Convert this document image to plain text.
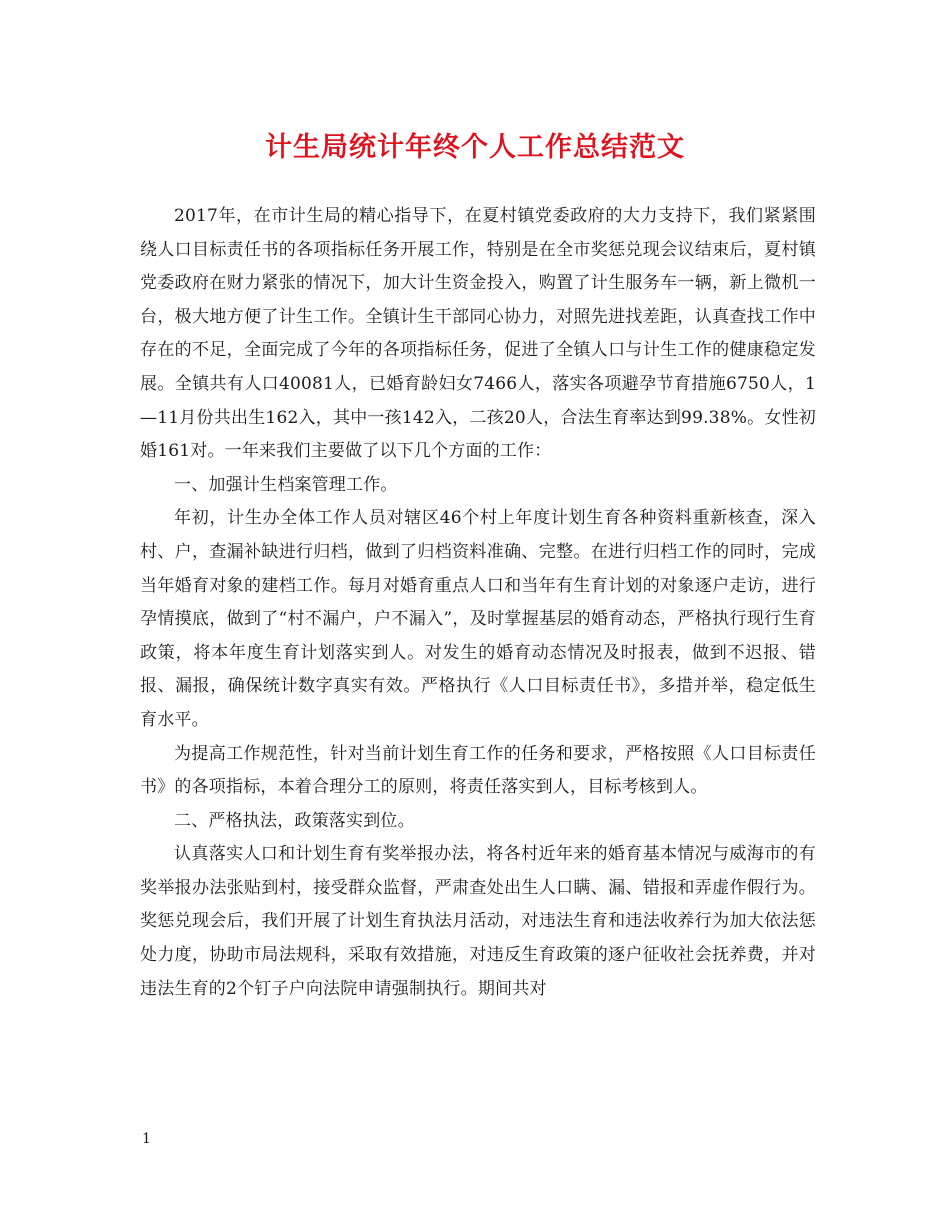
计生局统计年终个人工作总结范文

2017年，在市计生局的精心指导下，在夏村镇党委政府的大力支持下，我们紧紧围绕人口目标责任书的各项指标任务开展工作，特别是在全市奖惩兑现会议结束后，夏村镇党委政府在财力紧张的情况下，加大计生资金投入，购置了计生服务车一辆，新上微机一台，极大地方便了计生工作。全镇计生干部同心协力，对照先进找差距，认真查找工作中存在的不足，全面完成了今年的各项指标任务，促进了全镇人口与计生工作的健康稳定发展。全镇共有人口40081人，已婚育龄妇女7466人，落实各项避孕节育措施6750人，1—11月份共出生162入，其中一孩142入，二孩20人，合法生育率达到99.38%。女性初婚161对。一年来我们主要做了以下几个方面的工作：

一、加强计生档案管理工作。

年初，计生办全体工作人员对辖区46个村上年度计划生育各种资料重新核查，深入村、户，查漏补缺进行归档，做到了归档资料准确、完整。在进行归档工作的同时，完成当年婚育对象的建档工作。每月对婚育重点人口和当年有生育计划的对象逐户走访，进行孕情摸底，做到了“村不漏户，户不漏入”，及时掌握基层的婚育动态，严格执行现行生育政策，将本年度生育计划落实到人。对发生的婚育动态情况及时报表，做到不迟报、错报、漏报，确保统计数字真实有效。严格执行《人口目标责任书》，多措并举，稳定低生育水平。

为提高工作规范性，针对当前计划生育工作的任务和要求，严格按照《人口目标责任书》的各项指标，本着合理分工的原则，将责任落实到人，目标考核到人。

二、严格执法，政策落实到位。

认真落实人口和计划生育有奖举报办法，将各村近年来的婚育基本情况与威海市的有奖举报办法张贴到村，接受群众监督，严肃查处出生人口瞒、漏、错报和弄虚作假行为。奖惩兑现会后，我们开展了计划生育执法月活动，对违法生育和违法收养行为加大依法惩处力度，协助市局法规科，采取有效措施，对违反生育政策的逐户征收社会抚养费，并对违法生育的2个钉子户向法院申请强制执行。期间共对

1
